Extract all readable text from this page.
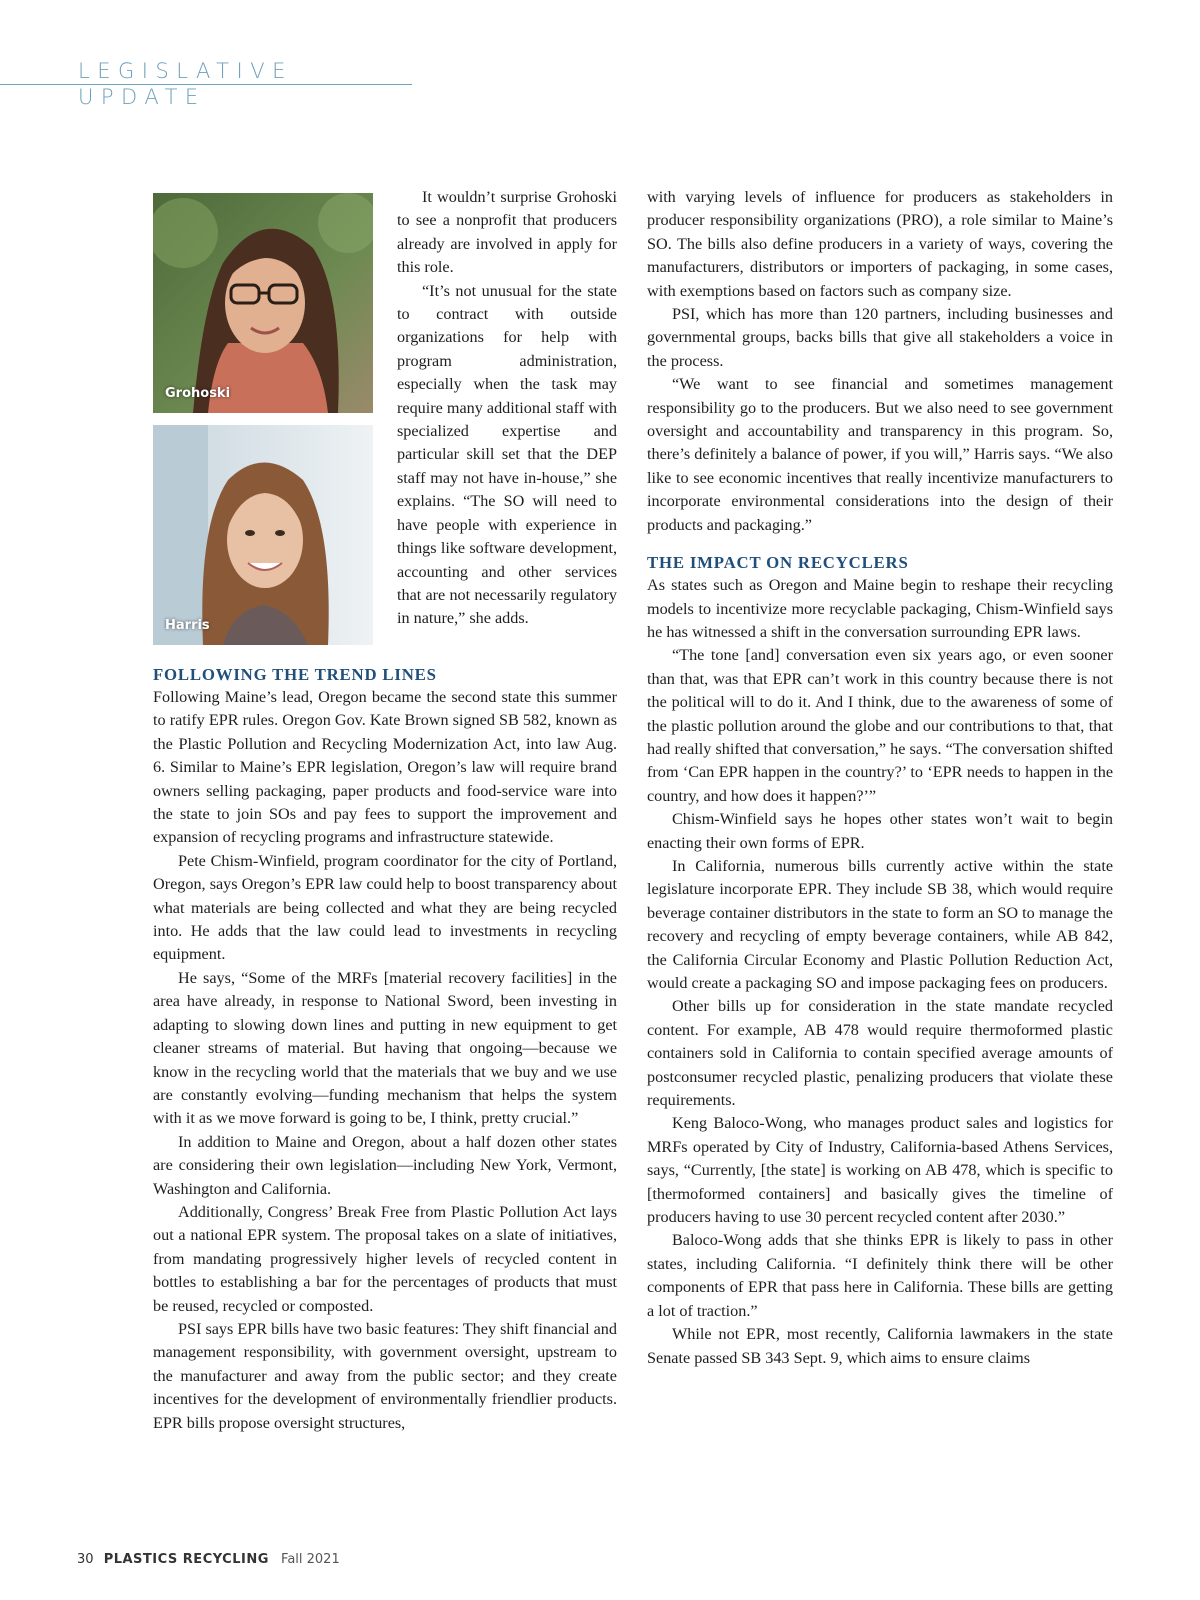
LEGISLATIVE UPDATE
Grohoski
Harris

It wouldn’t surprise Grohoski to see a nonprofit that producers already are involved in apply for this role.

“It’s not unusual for the state to contract with outside organizations for help with program administration, especially when the task may require many additional staff with specialized expertise and particular skill set that the DEP staff may not have in-house,” she explains. “The SO will need to have people with experience in things like software development, accounting and other services that are not necessarily regulatory in nature,” she adds.

FOLLOWING THE TREND LINES

Following Maine’s lead, Oregon became the second state this summer to ratify EPR rules. Oregon Gov. Kate Brown signed SB 582, known as the Plastic Pollution and Recycling Modernization Act, into law Aug. 6. Similar to Maine’s EPR legislation, Oregon’s law will require brand owners selling packaging, paper products and food-service ware into the state to join SOs and pay fees to support the improvement and expansion of recycling programs and infrastructure statewide.

Pete Chism-Winfield, program coordinator for the city of Portland, Oregon, says Oregon’s EPR law could help to boost transparency about what materials are being collected and what they are being recycled into. He adds that the law could lead to investments in recycling equipment.

He says, “Some of the MRFs [material recovery facilities] in the area have already, in response to National Sword, been investing in adapting to slowing down lines and putting in new equipment to get cleaner streams of material. But having that ongoing—because we know in the recycling world that the materials that we buy and we use are constantly evolving—funding mechanism that helps the system with it as we move forward is going to be, I think, pretty crucial.”

In addition to Maine and Oregon, about a half dozen other states are considering their own legislation—including New York, Vermont, Washington and California.

Additionally, Congress’ Break Free from Plastic Pollution Act lays out a national EPR system. The proposal takes on a slate of initiatives, from mandating progressively higher levels of recycled content in bottles to establishing a bar for the percentages of products that must be reused, recycled or composted.

PSI says EPR bills have two basic features: They shift financial and management responsibility, with government oversight, upstream to the manufacturer and away from the public sector; and they create incentives for the development of environmentally friendlier products. EPR bills propose oversight structures,

with varying levels of influence for producers as stakeholders in producer responsibility organizations (PRO), a role similar to Maine’s SO. The bills also define producers in a variety of ways, covering the manufacturers, distributors or importers of packaging, in some cases, with exemptions based on factors such as company size.

PSI, which has more than 120 partners, including businesses and governmental groups, backs bills that give all stakeholders a voice in the process.

“We want to see financial and sometimes management responsibility go to the producers. But we also need to see government oversight and accountability and transparency in this program. So, there’s definitely a balance of power, if you will,” Harris says. “We also like to see economic incentives that really incentivize manufacturers to incorporate environmental considerations into the design of their products and packaging.”

THE IMPACT ON RECYCLERS

As states such as Oregon and Maine begin to reshape their recycling models to incentivize more recyclable packaging, Chism-Winfield says he has witnessed a shift in the conversation surrounding EPR laws.

“The tone [and] conversation even six years ago, or even sooner than that, was that EPR can’t work in this country because there is not the political will to do it. And I think, due to the awareness of some of the plastic pollution around the globe and our contributions to that, that had really shifted that conversation,” he says. “The conversation shifted from ‘Can EPR happen in the country?’ to ‘EPR needs to happen in the country, and how does it happen?’”

Chism-Winfield says he hopes other states won’t wait to begin enacting their own forms of EPR.

In California, numerous bills currently active within the state legislature incorporate EPR. They include SB 38, which would require beverage container distributors in the state to form an SO to manage the recovery and recycling of empty beverage containers, while AB 842, the California Circular Economy and Plastic Pollution Reduction Act, would create a packaging SO and impose packaging fees on producers.

Other bills up for consideration in the state mandate recycled content. For example, AB 478 would require thermoformed plastic containers sold in California to contain specified average amounts of postconsumer recycled plastic, penalizing producers that violate these requirements.

Keng Baloco-Wong, who manages product sales and logistics for MRFs operated by City of Industry, California-based Athens Services, says, “Currently, [the state] is working on AB 478, which is specific to [thermoformed containers] and basically gives the timeline of producers having to use 30 percent recycled content after 2030.”

Baloco-Wong adds that she thinks EPR is likely to pass in other states, including California. “I definitely think there will be other components of EPR that pass here in California. These bills are getting a lot of traction.”

While not EPR, most recently, California lawmakers in the state Senate passed SB 343 Sept. 9, which aims to ensure claims

30 PLASTICS RECYCLING Fall 2021
